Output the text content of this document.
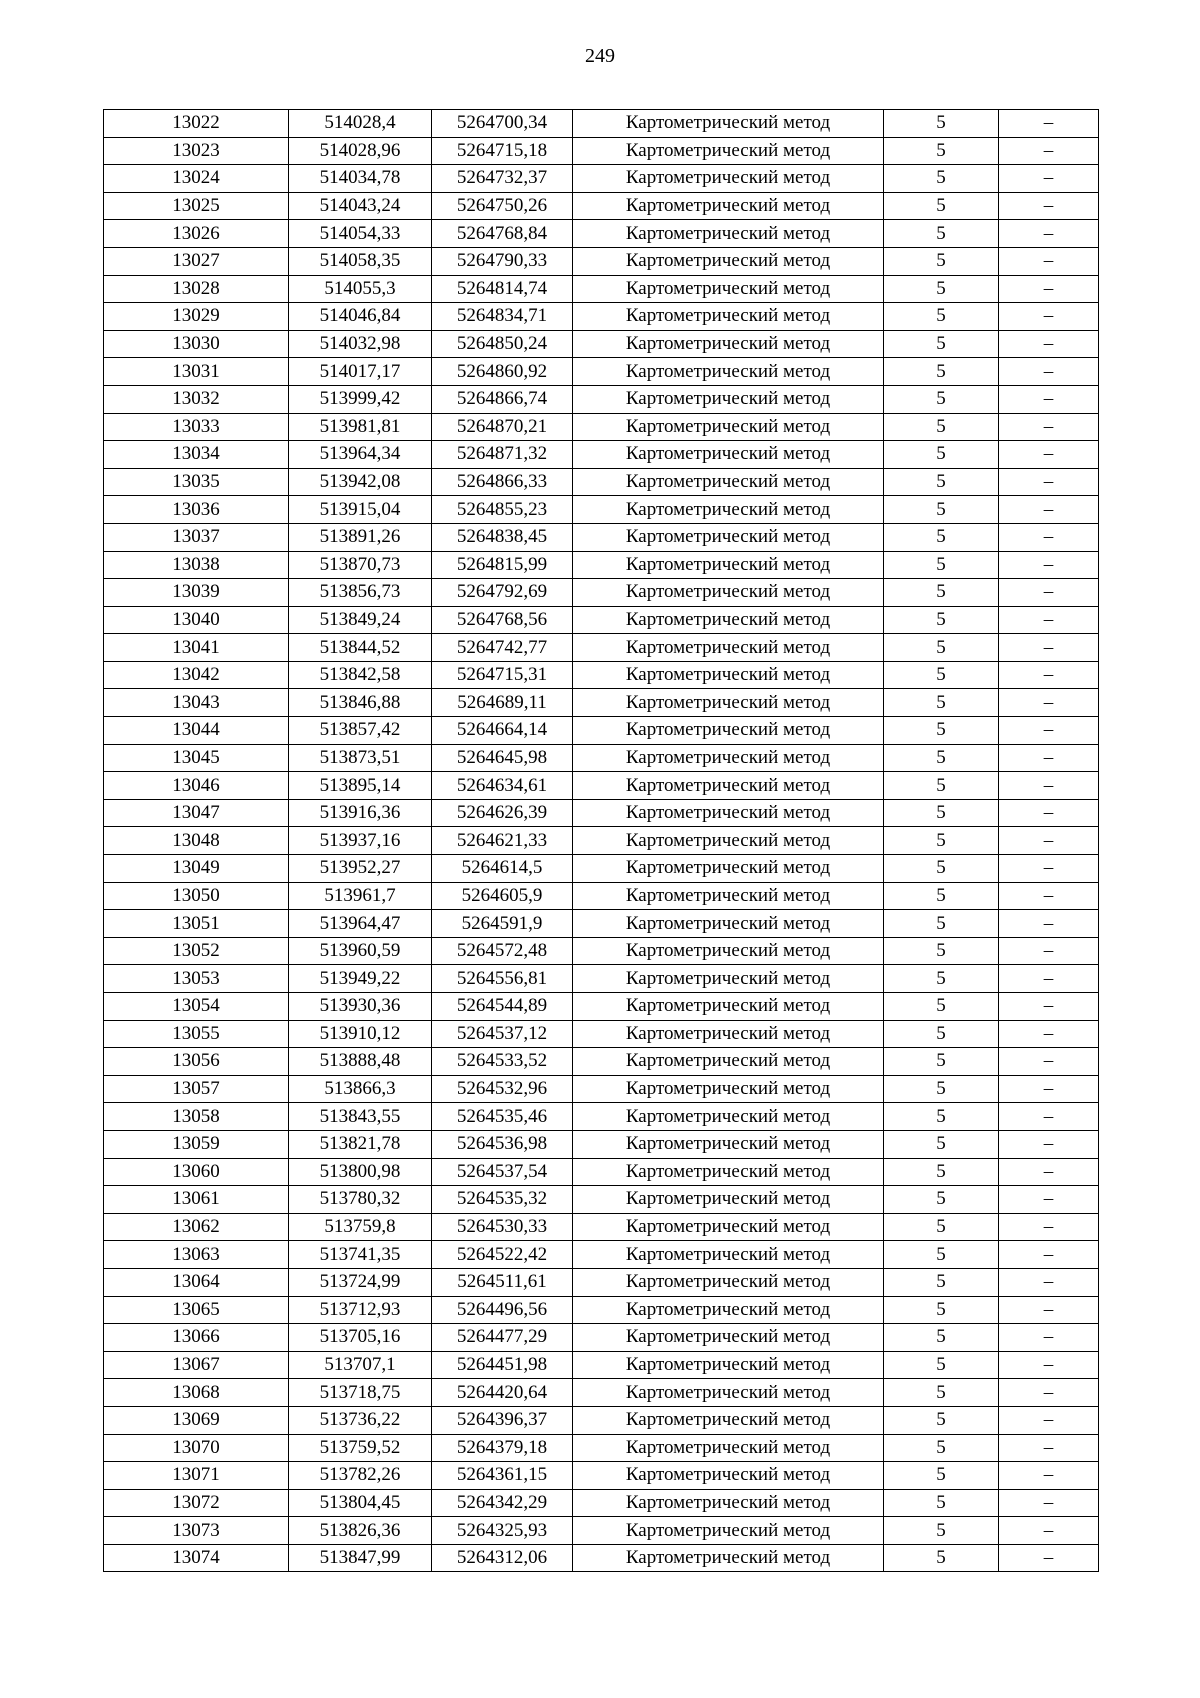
249
13022	514028,4	5264700,34	Картометрический метод	5	–
13023	514028,96	5264715,18	Картометрический метод	5	–
13024	514034,78	5264732,37	Картометрический метод	5	–
13025	514043,24	5264750,26	Картометрический метод	5	–
13026	514054,33	5264768,84	Картометрический метод	5	–
13027	514058,35	5264790,33	Картометрический метод	5	–
13028	514055,3	5264814,74	Картометрический метод	5	–
13029	514046,84	5264834,71	Картометрический метод	5	–
13030	514032,98	5264850,24	Картометрический метод	5	–
13031	514017,17	5264860,92	Картометрический метод	5	–
13032	513999,42	5264866,74	Картометрический метод	5	–
13033	513981,81	5264870,21	Картометрический метод	5	–
13034	513964,34	5264871,32	Картометрический метод	5	–
13035	513942,08	5264866,33	Картометрический метод	5	–
13036	513915,04	5264855,23	Картометрический метод	5	–
13037	513891,26	5264838,45	Картометрический метод	5	–
13038	513870,73	5264815,99	Картометрический метод	5	–
13039	513856,73	5264792,69	Картометрический метод	5	–
13040	513849,24	5264768,56	Картометрический метод	5	–
13041	513844,52	5264742,77	Картометрический метод	5	–
13042	513842,58	5264715,31	Картометрический метод	5	–
13043	513846,88	5264689,11	Картометрический метод	5	–
13044	513857,42	5264664,14	Картометрический метод	5	–
13045	513873,51	5264645,98	Картометрический метод	5	–
13046	513895,14	5264634,61	Картометрический метод	5	–
13047	513916,36	5264626,39	Картометрический метод	5	–
13048	513937,16	5264621,33	Картометрический метод	5	–
13049	513952,27	5264614,5	Картометрический метод	5	–
13050	513961,7	5264605,9	Картометрический метод	5	–
13051	513964,47	5264591,9	Картометрический метод	5	–
13052	513960,59	5264572,48	Картометрический метод	5	–
13053	513949,22	5264556,81	Картометрический метод	5	–
13054	513930,36	5264544,89	Картометрический метод	5	–
13055	513910,12	5264537,12	Картометрический метод	5	–
13056	513888,48	5264533,52	Картометрический метод	5	–
13057	513866,3	5264532,96	Картометрический метод	5	–
13058	513843,55	5264535,46	Картометрический метод	5	–
13059	513821,78	5264536,98	Картометрический метод	5	–
13060	513800,98	5264537,54	Картометрический метод	5	–
13061	513780,32	5264535,32	Картометрический метод	5	–
13062	513759,8	5264530,33	Картометрический метод	5	–
13063	513741,35	5264522,42	Картометрический метод	5	–
13064	513724,99	5264511,61	Картометрический метод	5	–
13065	513712,93	5264496,56	Картометрический метод	5	–
13066	513705,16	5264477,29	Картометрический метод	5	–
13067	513707,1	5264451,98	Картометрический метод	5	–
13068	513718,75	5264420,64	Картометрический метод	5	–
13069	513736,22	5264396,37	Картометрический метод	5	–
13070	513759,52	5264379,18	Картометрический метод	5	–
13071	513782,26	5264361,15	Картометрический метод	5	–
13072	513804,45	5264342,29	Картометрический метод	5	–
13073	513826,36	5264325,93	Картометрический метод	5	–
13074	513847,99	5264312,06	Картометрический метод	5	–
